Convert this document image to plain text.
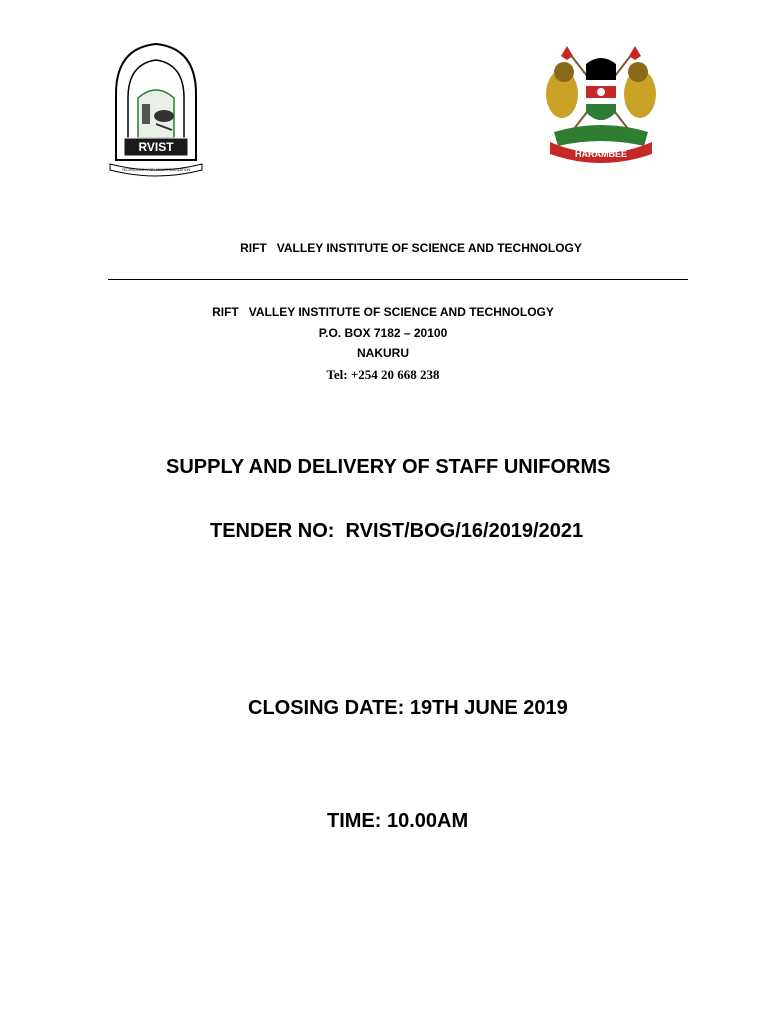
RVIST
TECHNOLOGY FOR INDUSTRIALIZATION
HARAMBEE
RIFT   VALLEY INSTITUTE OF SCIENCE AND TECHNOLOGY
RIFT   VALLEY INSTITUTE OF SCIENCE AND TECHNOLOGY
P.O. BOX 7182 – 20100
NAKURU
Tel: +254 20 668 238
SUPPLY AND DELIVERY OF STAFF UNIFORMS
TENDER NO:  RVIST/BOG/16/2019/2021
CLOSING DATE: 19TH JUNE 2019
TIME: 10.00AM
